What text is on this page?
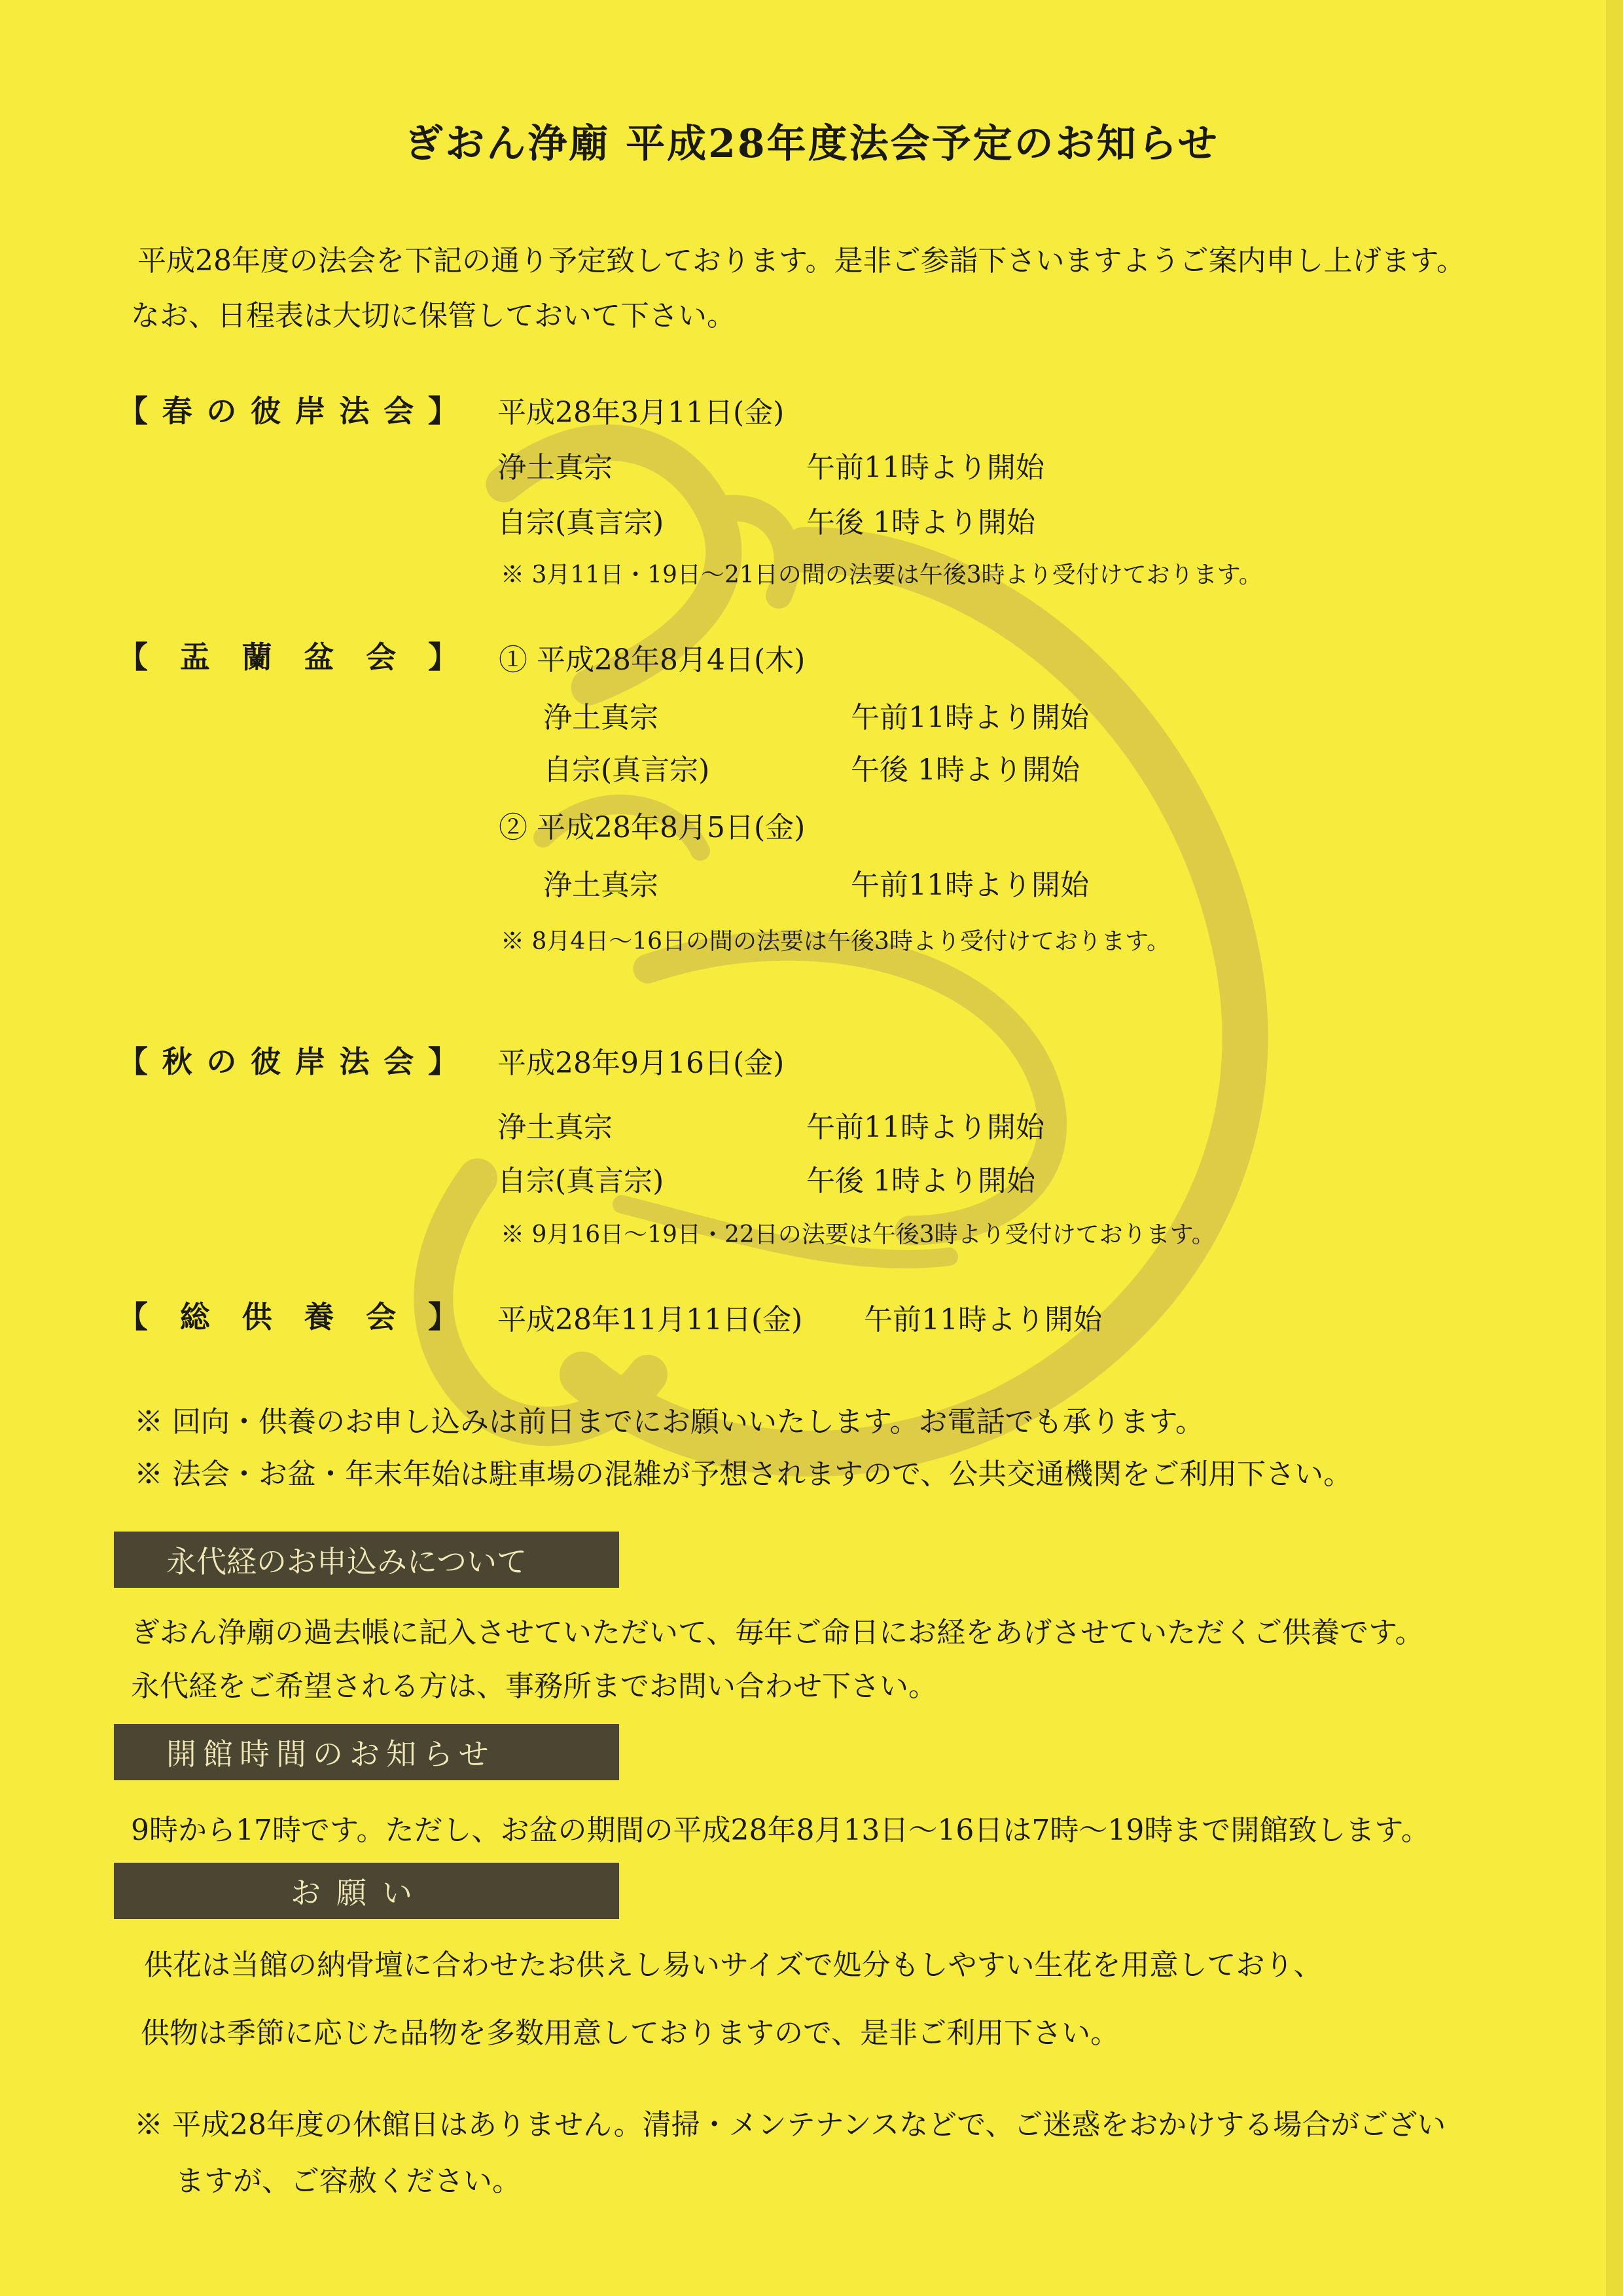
ぎおん浄廟 平成28年度法会予定のお知らせ
平成28年度の法会を下記の通り予定致しております。是非ご参詣下さいますようご案内申し上げます。
なお、日程表は大切に保管しておいて下さい。
【 春 の 彼 岸 法 会 】 平成28年3月11日(金)
浄土真宗	午前11時より開始
自宗(真言宗)	午後 1時より開始
※ 3月11日・19日～21日の間の法要は午後3時より受付けております。
【 盂 蘭 盆 会 】 ① 平成28年8月4日(木)
浄土真宗	午前11時より開始
自宗(真言宗)	午後 1時より開始
② 平成28年8月5日(金)
浄土真宗	午前11時より開始
※ 8月4日～16日の間の法要は午後3時より受付けております。
【 秋 の 彼 岸 法 会 】 平成28年9月16日(金)
浄土真宗	午前11時より開始
自宗(真言宗)	午後 1時より開始
※ 9月16日～19日・22日の法要は午後3時より受付けております。
【 総 供 養 会 】 平成28年11月11日(金) 午前11時より開始
※ 回向・供養のお申し込みは前日までにお願いいたします。お電話でも承ります。
※ 法会・お盆・年末年始は駐車場の混雑が予想されますので、公共交通機関をご利用下さい。
永代経のお申込みについて
ぎおん浄廟の過去帳に記入させていただいて、毎年ご命日にお経をあげさせていただくご供養です。
永代経をご希望される方は、事務所までお問い合わせ下さい。
開館時間のお知らせ
9時から17時です。ただし、お盆の期間の平成28年8月13日～16日は7時～19時まで開館致します。
お願い
供花は当館の納骨壇に合わせたお供えし易いサイズで処分もしやすい生花を用意しており、
供物は季節に応じた品物を多数用意しておりますので、是非ご利用下さい。
※ 平成28年度の休館日はありません。清掃・メンテナンスなどで、ご迷惑をおかけする場合がござい
ますが、ご容赦ください。
